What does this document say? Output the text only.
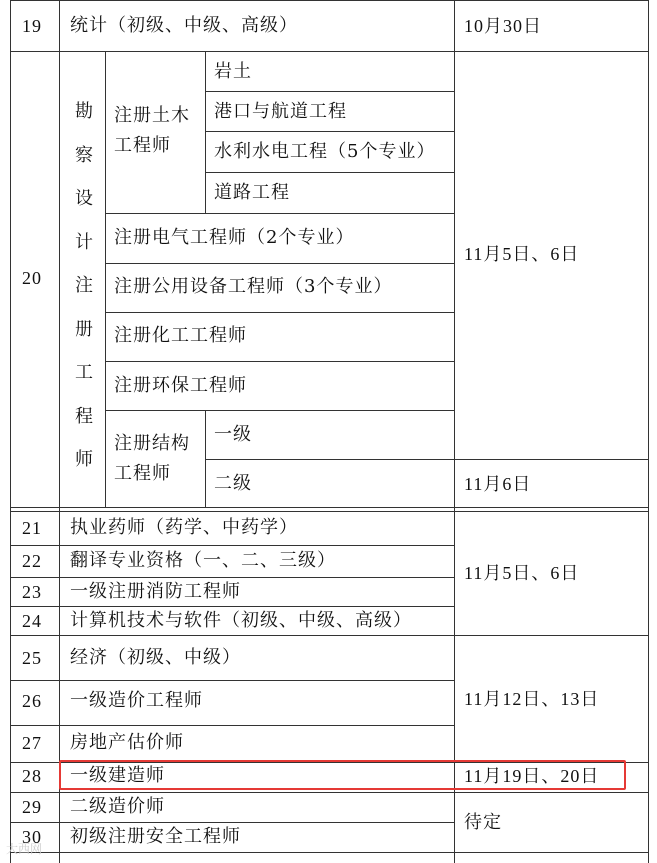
19 统计（初级、中级、高级）	10月30日
20
勘
察
设
计
注
册
工
程
师
注册土木
工程师
岩土
港口与航道工程
水利水电工程（5个专业）
道路工程
注册电气工程师（2个专业）
注册公用设备工程师（3个专业）
注册化工工程师
注册环保工程师
注册结构
工程师
一级
二级
11月5日、6日
11月6日
21 执业药师（药学、中药学）
22 翻译专业资格（一、二、三级）
23 一级注册消防工程师
24 计算机技术与软件（初级、中级、高级）
11月5日、6日
25 经济（初级、中级）
26 一级造价工程师
27 房地产估价师
11月12日、13日
28 一级建造师	11月19日、20日
29 二级造价师
30 初级注册安全工程师
待定
大西网
